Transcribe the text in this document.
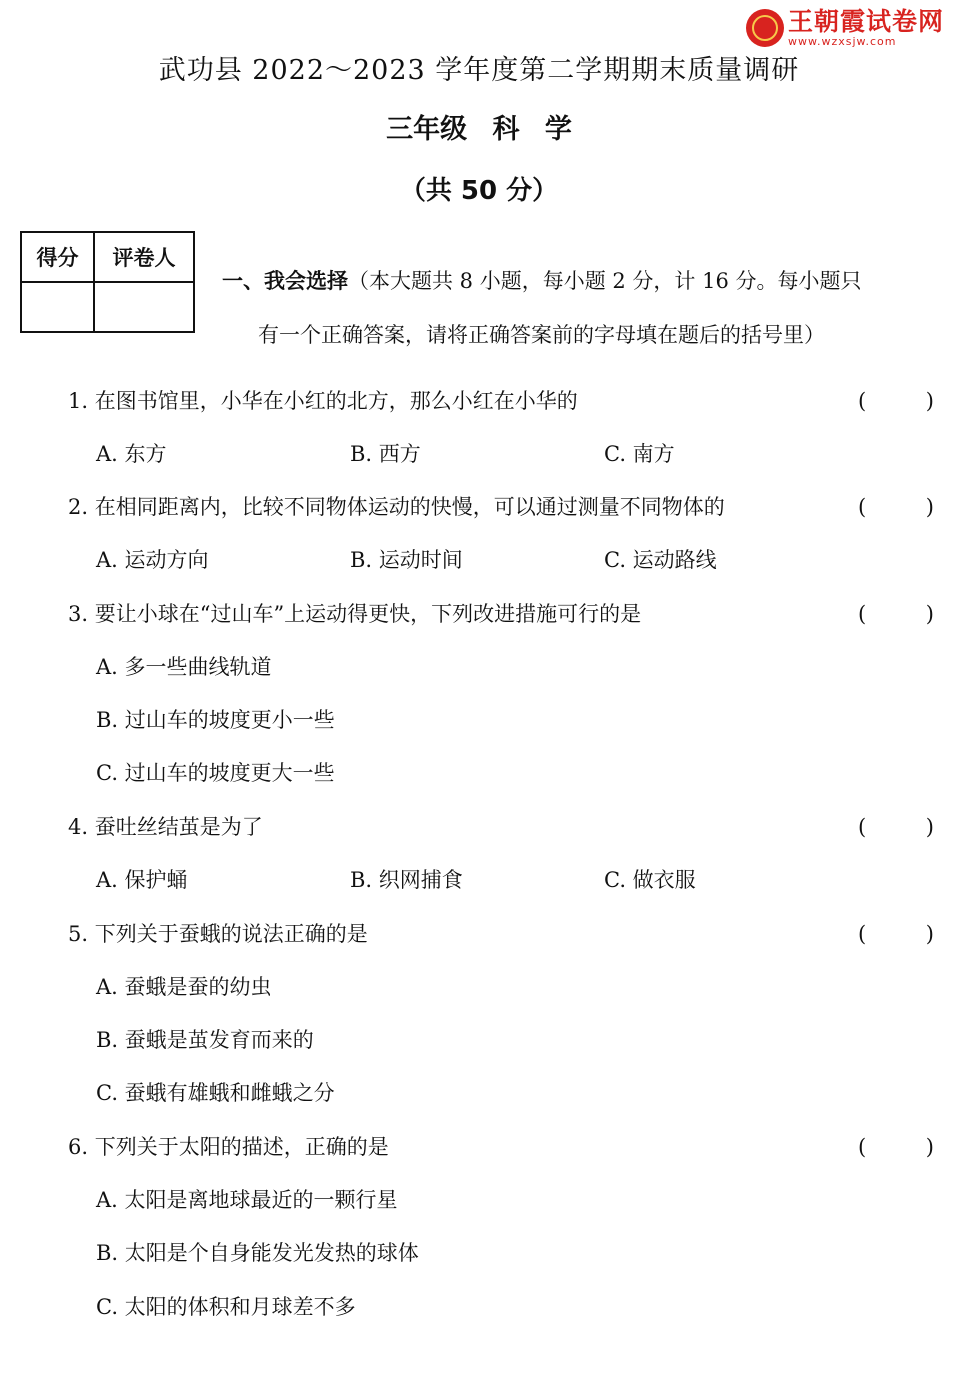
王朝霞试卷网
www.wzxsjw.com
武功县 2022～2023 学年度第二学期期末质量调研
三年级 科 学
（共 50 分）
得分	评卷人

一、我会选择（本大题共 8 小题，每小题 2 分，计 16 分。每小题只
有一个正确答案，请将正确答案前的字母填在题后的括号里）
1. 在图书馆里，小华在小红的北方，那么小红在小华的	(	)
A. 东方	B. 西方	C. 南方
2. 在相同距离内，比较不同物体运动的快慢，可以通过测量不同物体的	(	)
A. 运动方向	B. 运动时间	C. 运动路线
3. 要让小球在“过山车”上运动得更快，下列改进措施可行的是	(	)
A. 多一些曲线轨道
B. 过山车的坡度更小一些
C. 过山车的坡度更大一些
4. 蚕吐丝结茧是为了	(	)
A. 保护蛹	B. 织网捕食	C. 做衣服
5. 下列关于蚕蛾的说法正确的是	(	)
A. 蚕蛾是蚕的幼虫
B. 蚕蛾是茧发育而来的
C. 蚕蛾有雄蛾和雌蛾之分
6. 下列关于太阳的描述，正确的是	(	)
A. 太阳是离地球最近的一颗行星
B. 太阳是个自身能发光发热的球体
C. 太阳的体积和月球差不多
